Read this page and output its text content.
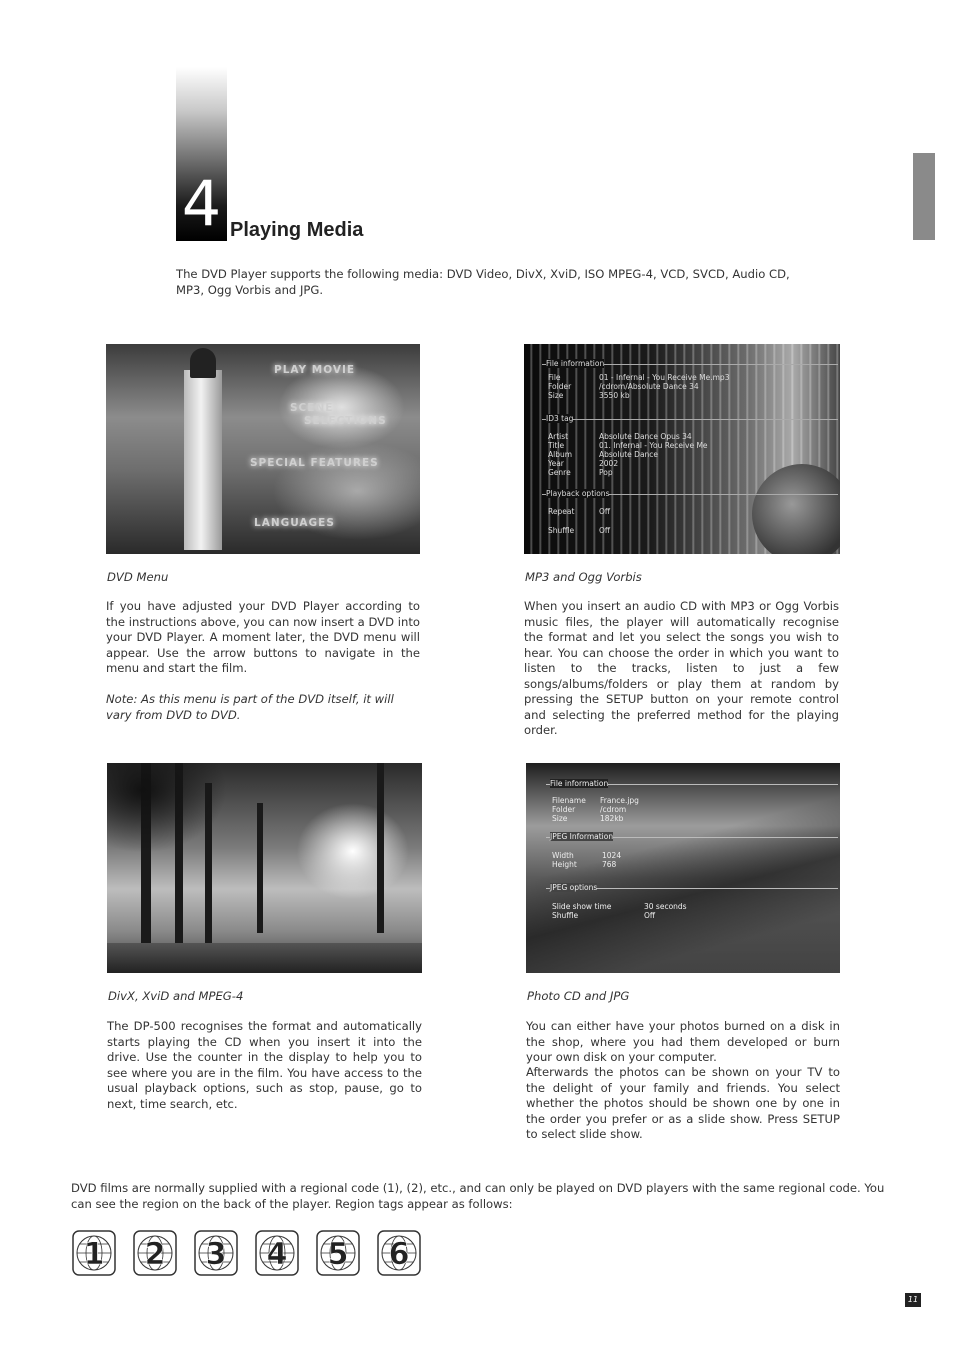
4 Playing Media

The DVD Player supports the following media: DVD Video, DivX, XviD, ISO MPEG-4, VCD, SVCD, Audio CD, MP3, Ogg Vorbis and JPG.

PLAY MOVIE
SCENE
SELECTIONS
SPECIAL FEATURES
LANGUAGES
File information
File	01 - Infernal - You Receive Me.mp3
Folder	/cdrom/Absolute Dance 34
Size	3550 kb
ID3 tag
Artist	Absolute Dance Opus 34
Title	01. Infernal - You Receive Me
Album	Absolute Dance
Year	2002
Genre	Pop
Playback options
Repeat	Off
Shuffle	Off
DVD Menu

If you have adjusted your DVD Player according to the instructions above, you can now insert a DVD into your DVD Player. A moment later, the DVD menu will appear. Use the arrow buttons to navigate in the menu and start the film.

Note: As this menu is part of the DVD itself, it will vary from DVD to DVD.

MP3 and Ogg Vorbis

When you insert an audio CD with MP3 or Ogg Vorbis music files, the player will automatically recognise the format and let you select the songs you wish to hear. You can choose the order in which you want to listen to the tracks, listen to just a few songs/albums/folders or play them at random by pressing the SETUP button on your remote control and selecting the preferred method for the playing order.

File information
Filename France.jpg
Folder	/cdrom
Size	182kb
JPEG Information
Width	1024
Height	768
JPEG options
Slide show time	30 seconds
Shuffle	Off
DivX, XviD and MPEG-4

The DP-500 recognises the format and automatically starts playing the CD when you insert it into the drive. Use the counter in the display to help you to see where you are in the film. You have access to the usual playback options, such as stop, pause, go to next, time search, etc.

Photo CD and JPG

You can either have your photos burned on a disk in the shop, where you had them developed or burn your own disk on your computer.

Afterwards the photos can be shown on your TV to the delight of your family and friends. You select whether the photos should be shown one by one in the order you prefer or as a slide show. Press SETUP to select slide show.

DVD films are normally supplied with a regional code (1), (2), etc., and can only be played on DVD players with the same regional code. You can see the region on the back of the player. Region tags appear as follows:

1 2 3 4 5 6
11
